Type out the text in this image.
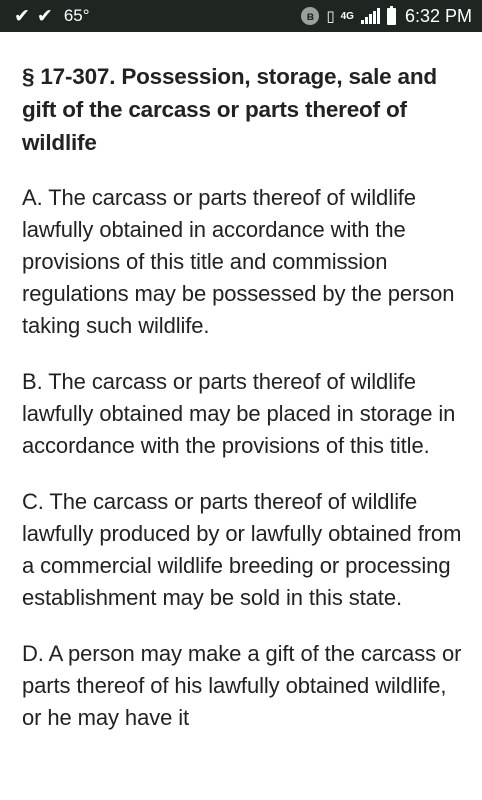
✔ ✔ 65°	ʙ ▯ 4G	6:32 PM
§ 17-307. Possession, storage, sale and gift of the carcass or parts thereof of wildlife

A. The carcass or parts thereof of wildlife lawfully obtained in accordance with the provisions of this title and commission regulations may be possessed by the person taking such wildlife.

B. The carcass or parts thereof of wildlife lawfully obtained may be placed in storage in accordance with the provisions of this title.

C. The carcass or parts thereof of wildlife lawfully produced by or lawfully obtained from a commercial wildlife breeding or processing establishment may be sold in this state.

D. A person may make a gift of the carcass or parts thereof of his lawfully obtained wildlife, or he may have it
